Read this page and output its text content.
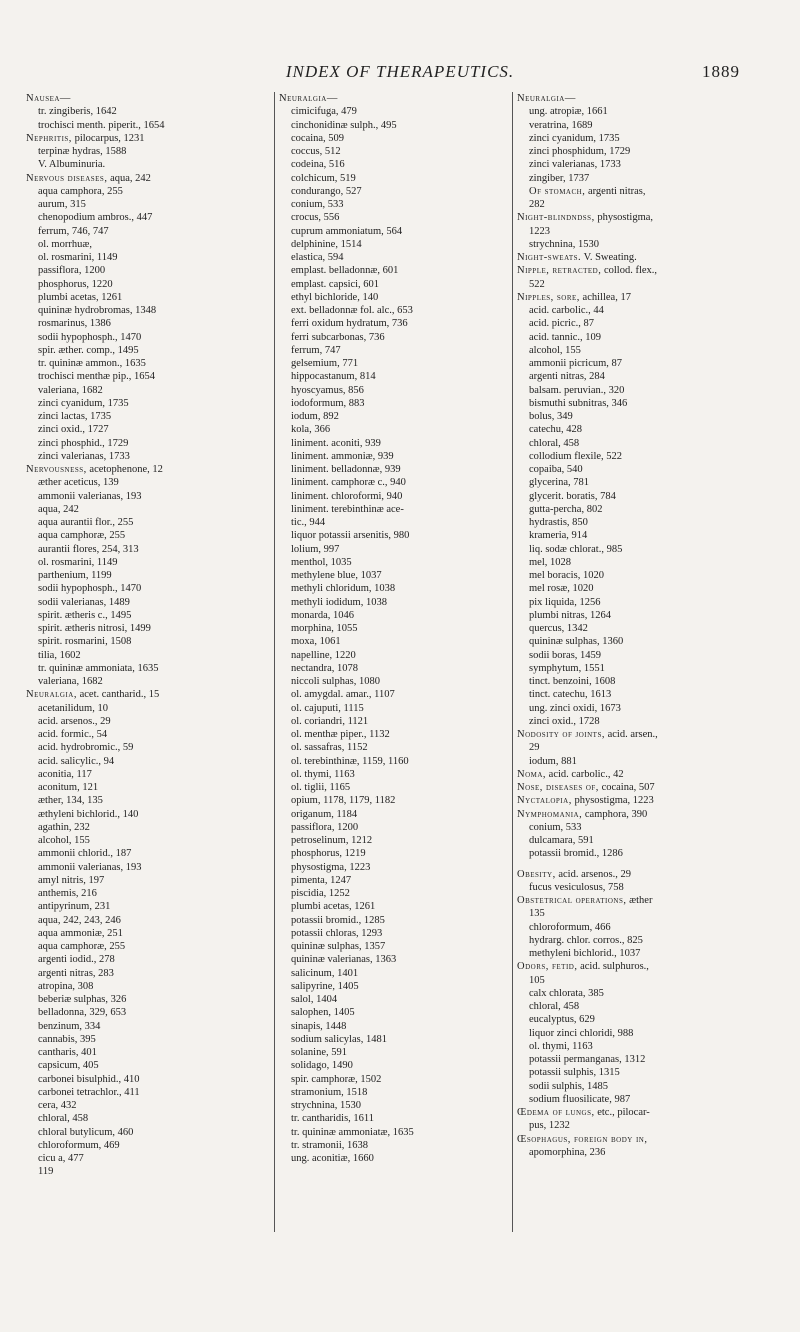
INDEX OF THERAPEUTICS.	1889
Nausea—
tr. zingiberis, 1642
trochisci menth. piperit., 1654
Nephritis, pilocarpus, 1231
terpinæ hydras, 1588
V. Albuminuria.
Nervous diseases, aqua, 242
aqua camphora, 255
aurum, 315
chenopodium ambros., 447
ferrum, 746, 747
ol. morrhuæ,
ol. rosmarini, 1149
passiflora, 1200
phosphorus, 1220
plumbi acetas, 1261
quininæ hydrobromas, 1348
rosmarinus, 1386
sodii hypophosph., 1470
spir. æther. comp., 1495
tr. quininæ ammon., 1635
trochisci menthæ pip., 1654
valeriana, 1682
zinci cyanidum, 1735
zinci lactas, 1735
zinci oxid., 1727
zinci phosphid., 1729
zinci valerianas, 1733
Nervousness, acetophenone, 12
æther aceticus, 139
ammonii valerianas, 193
aqua, 242
aqua aurantii flor., 255
aqua camphoræ, 255
aurantii flores, 254, 313
ol. rosmarini, 1149
parthenium, 1199
sodii hypophosph., 1470
sodii valerianas, 1489
spirit. ætheris c., 1495
spirit. ætheris nitrosi, 1499
spirit. rosmarini, 1508
tilia, 1602
tr. quininæ ammoniata, 1635
valeriana, 1682
Neuralgia, acet. cantharid., 15
acetanilidum, 10
acid. arsenos., 29
acid. formic., 54
acid. hydrobromic., 59
acid. salicylic., 94
aconitia, 117
aconitum, 121
æther, 134, 135
æthyleni bichlorid., 140
agathin, 232
alcohol, 155
ammonii chlorid., 187
ammonii valerianas, 193
amyl nitris, 197
anthemis, 216
antipyrinum, 231
aqua, 242, 243, 246
aqua ammoniæ, 251
aqua camphoræ, 255
argenti iodid., 278
argenti nitras, 283
atropina, 308
beberiæ sulphas, 326
belladonna, 329, 653
benzinum, 334
cannabis, 395
cantharis, 401
capsicum, 405
carbonei bisulphid., 410
carbonei tetrachlor., 411
cera, 432
chloral, 458
chloral butylicum, 460
chloroformum, 469
cicu a, 477
119
Neuralgia—
cimicifuga, 479
cinchonidinæ sulph., 495
cocaina, 509
coccus, 512
codeina, 516
colchicum, 519
condurango, 527
conium, 533
crocus, 556
cuprum ammoniatum, 564
delphinine, 1514
elastica, 594
emplast. belladonnæ, 601
emplast. capsici, 601
ethyl bichloride, 140
ext. belladonnæ fol. alc., 653
ferri oxidum hydratum, 736
ferri subcarbonas, 736
ferrum, 747
gelsemium, 771
hippocastanum, 814
hyoscyamus, 856
iodoformum, 883
iodum, 892
kola, 366
liniment. aconiti, 939
liniment. ammoniæ, 939
liniment. belladonnæ, 939
liniment. camphoræ c., 940
liniment. chloroformi, 940
liniment. terebinthinæ ace-
tic., 944
liquor potassii arsenitis, 980
lolium, 997
menthol, 1035
methylene blue, 1037
methyli chloridum, 1038
methyli iodidum, 1038
monarda, 1046
morphina, 1055
moxa, 1061
napelline, 1220
nectandra, 1078
niccoli sulphas, 1080
ol. amygdal. amar., 1107
ol. cajuputi, 1115
ol. coriandri, 1121
ol. menthæ piper., 1132
ol. sassafras, 1152
ol. terebinthinæ, 1159, 1160
ol. thymi, 1163
ol. tiglii, 1165
opium, 1178, 1179, 1182
origanum, 1184
passiflora, 1200
petroselinum, 1212
phosphorus, 1219
physostigma, 1223
pimenta, 1247
piscidia, 1252
plumbi acetas, 1261
potassii bromid., 1285
potassii chloras, 1293
quininæ sulphas, 1357
quininæ valerianas, 1363
salicinum, 1401
salipyrine, 1405
salol, 1404
salophen, 1405
sinapis, 1448
sodium salicylas, 1481
solanine, 591
solidago, 1490
spir. camphoræ, 1502
stramonium, 1518
strychnina, 1530
tr. cantharidis, 1611
tr. quininæ ammoniatæ, 1635
tr. stramonii, 1638
ung. aconitiæ, 1660
Neuralgia—
ung. atropiæ, 1661
veratrina, 1689
zinci cyanidum, 1735
zinci phosphidum, 1729
zinci valerianas, 1733
zingiber, 1737
Of stomach, argenti nitras,
282
Night-blindndss, physostigma,
1223
strychnina, 1530
Night-sweats. V. Sweating.
Nipple, retracted, collod. flex.,
522
Nipples, sore, achillea, 17
acid. carbolic., 44
acid. picric., 87
acid. tannic., 109
alcohol, 155
ammonii picricum, 87
argenti nitras, 284
balsam. peruvian., 320
bismuthi subnitras, 346
bolus, 349
catechu, 428
chloral, 458
collodium flexile, 522
copaiba, 540
glycerina, 781
glycerit. boratis, 784
gutta-percha, 802
hydrastis, 850
krameria, 914
liq. sodæ chlorat., 985
mel, 1028
mel boracis, 1020
mel rosæ, 1020
pix liquida, 1256
plumbi nitras, 1264
quercus, 1342
quininæ sulphas, 1360
sodii boras, 1459
symphytum, 1551
tinct. benzoini, 1608
tinct. catechu, 1613
ung. zinci oxidi, 1673
zinci oxid., 1728
Nodosity of joints, acid. arsen.,
29
iodum, 881
Noma, acid. carbolic., 42
Nose, diseases of, cocaina, 507
Nyctalopia, physostigma, 1223
Nymphomania, camphora, 390
conium, 533
dulcamara, 591
potassii bromid., 1286
Obesity, acid. arsenos., 29
fucus vesiculosus, 758
Obstetrical operations, æther
135
chloroformum, 466
hydrarg. chlor. corros., 825
methyleni bichlorid., 1037
Odors, fetid, acid. sulphuros.,
105
calx chlorata, 385
chloral, 458
eucalyptus, 629
liquor zinci chloridi, 988
ol. thymi, 1163
potassii permanganas, 1312
potassii sulphis, 1315
sodii sulphis, 1485
sodium fluosilicate, 987
Œdema of lungs, etc., pilocar-
pus, 1232
Œsophagus, foreign body in,
apomorphina, 236
